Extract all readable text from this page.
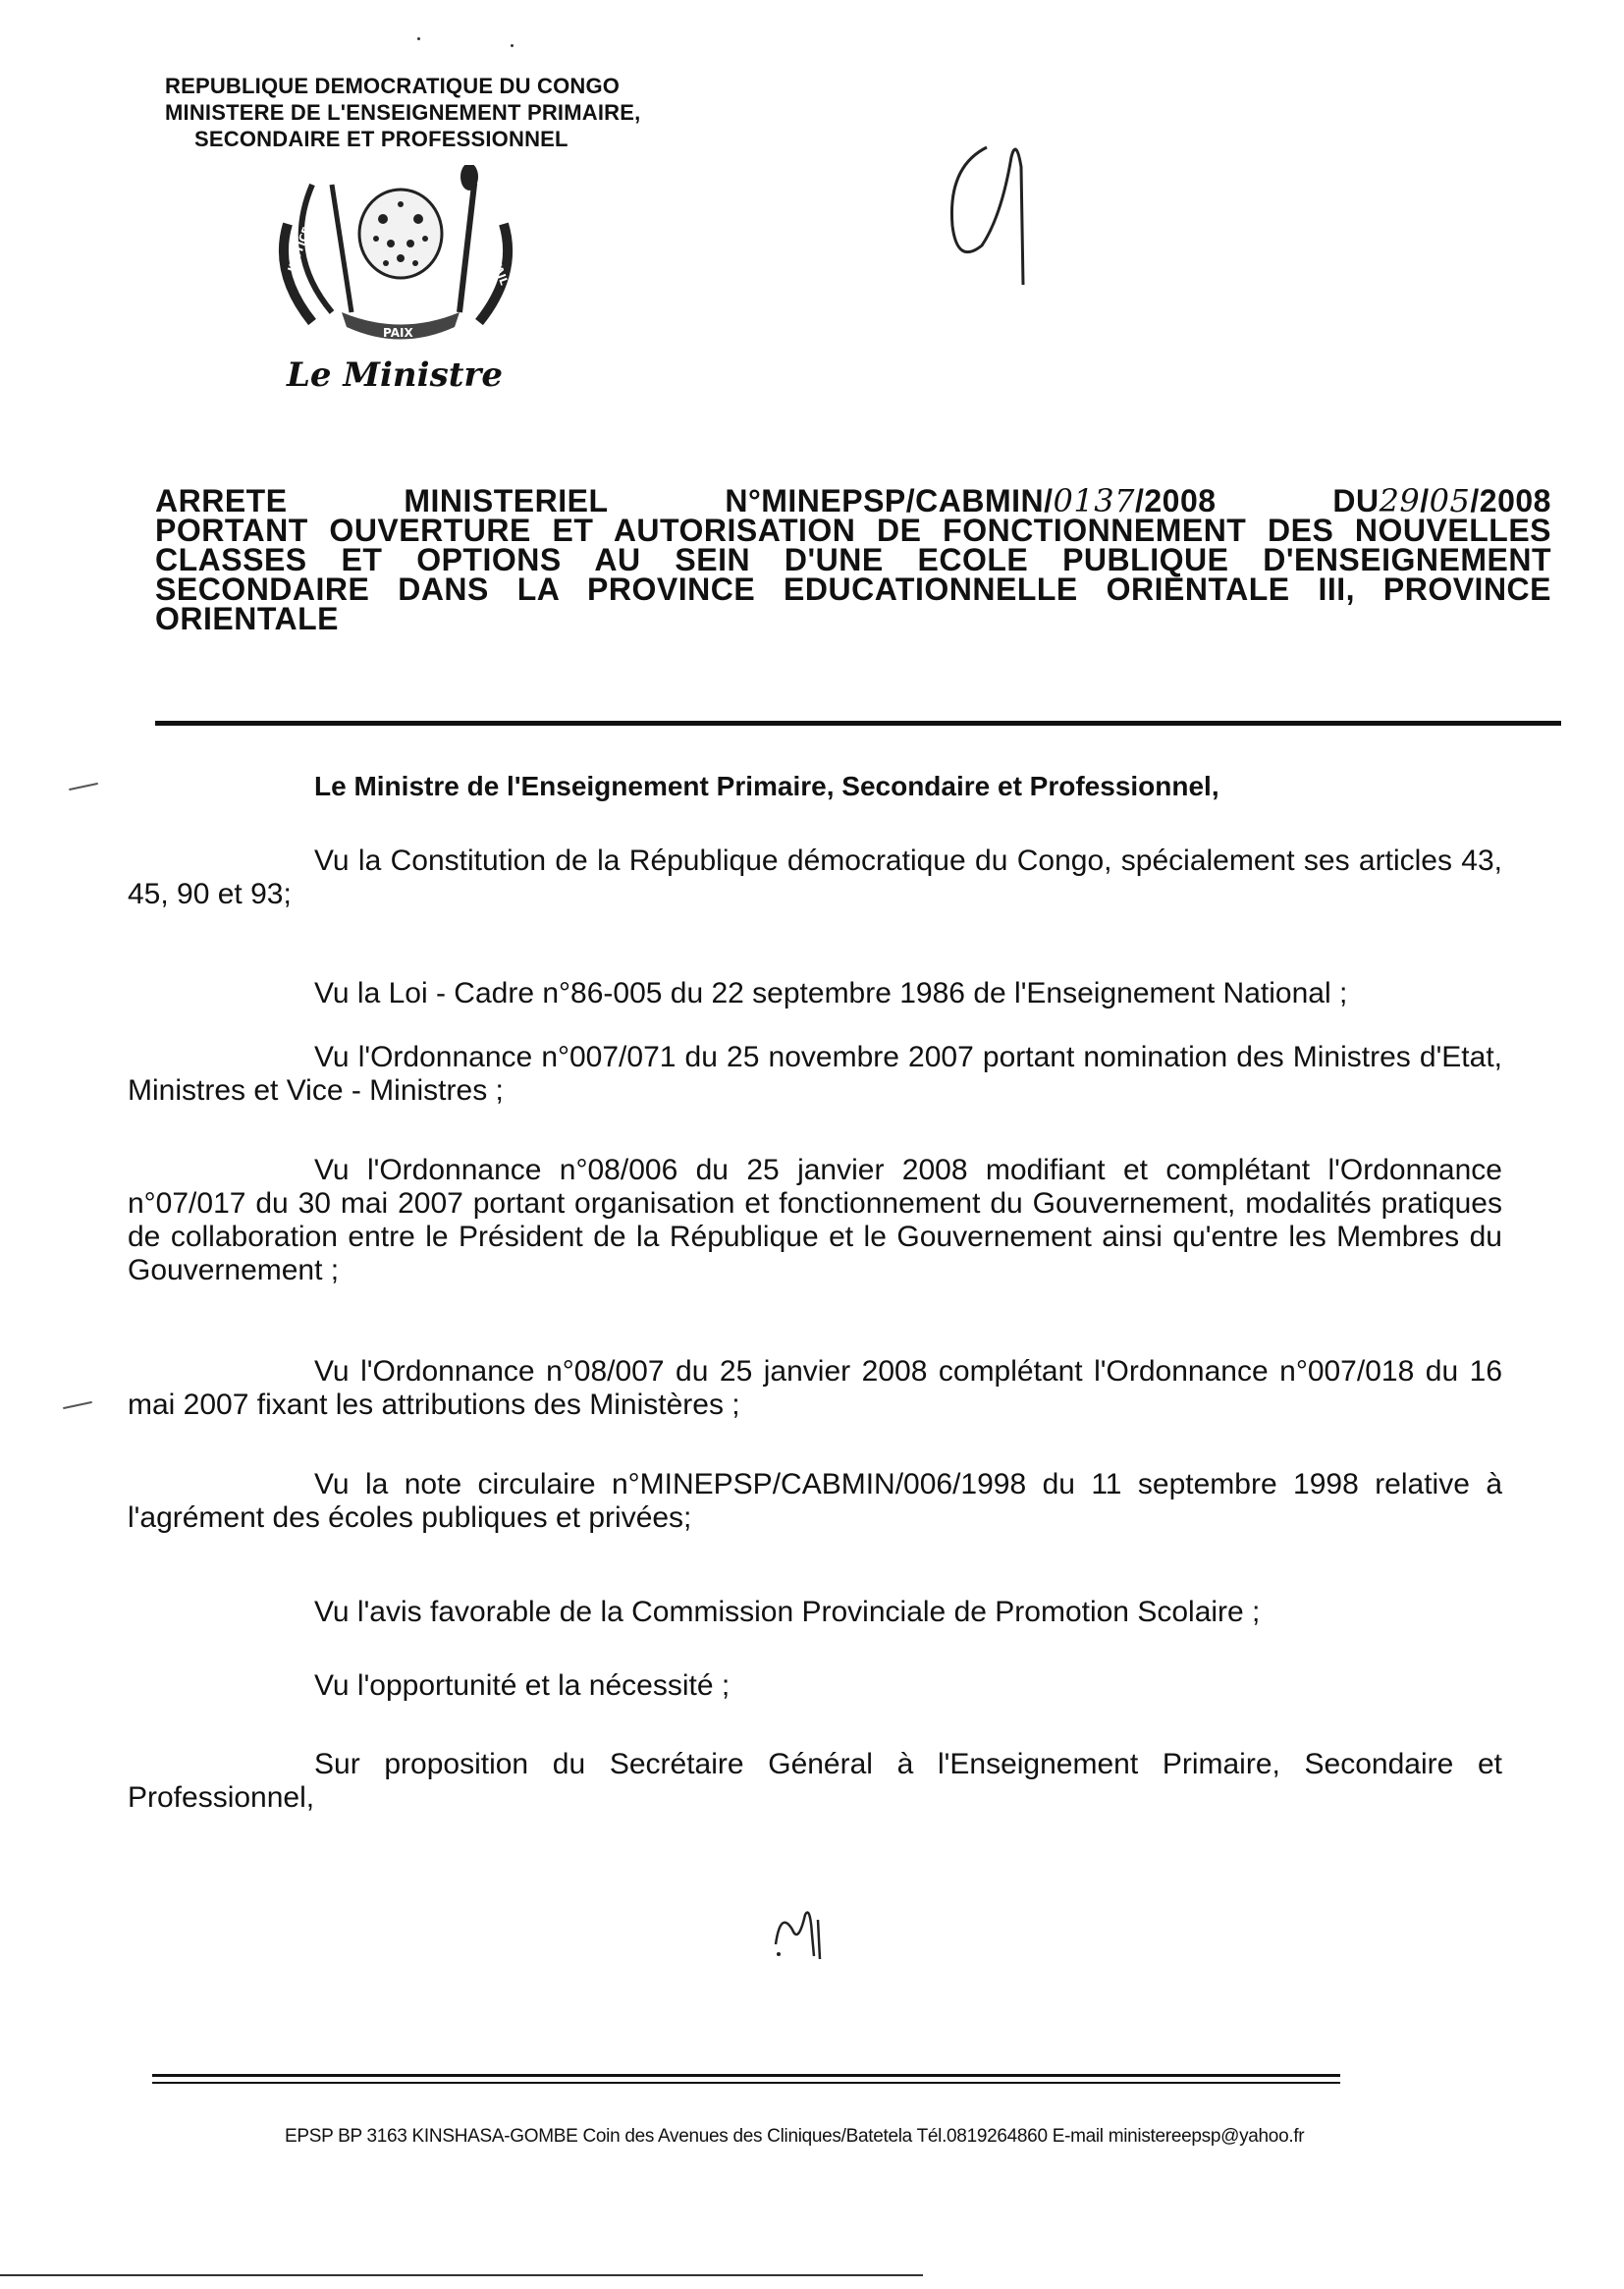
REPUBLIQUE DEMOCRATIQUE DU CONGO
MINISTERE DE L'ENSEIGNEMENT PRIMAIRE,
SECONDAIRE ET PROFESSIONNEL
JUSTICE
PAIX
TRAVAIL
Le Ministre
ARRETE	MINISTERIEL	N°MINEPSP/CABMIN/0137/2008	DU29/05/2008
PORTANT OUVERTURE ET AUTORISATION DE FONCTIONNEMENT DES NOUVELLES
CLASSES ET OPTIONS AU SEIN D'UNE ECOLE PUBLIQUE D'ENSEIGNEMENT
SECONDAIRE DANS LA PROVINCE EDUCATIONNELLE ORIENTALE III, PROVINCE
ORIENTALE
Le Ministre de l'Enseignement Primaire, Secondaire et Professionnel,
Vu la Constitution de la République démocratique du Congo, spécialement ses articles 43, 45, 90 et 93;
Vu la Loi - Cadre n°86-005 du 22 septembre 1986 de l'Enseignement National ;
Vu l'Ordonnance n°007/071 du 25 novembre 2007 portant nomination des Ministres d'Etat, Ministres et Vice - Ministres ;
Vu l'Ordonnance n°08/006 du 25 janvier 2008 modifiant et complétant l'Ordonnance n°07/017 du 30 mai 2007 portant organisation et fonctionnement du Gouvernement, modalités pratiques de collaboration entre le Président de la République et le Gouvernement ainsi qu'entre les Membres du Gouvernement ;
Vu l'Ordonnance n°08/007 du 25 janvier 2008 complétant l'Ordonnance n°007/018 du 16 mai 2007 fixant les attributions des Ministères ;
Vu la note circulaire n°MINEPSP/CABMIN/006/1998 du 11 septembre 1998 relative à l'agrément des écoles publiques et privées;
Vu l'avis favorable de la Commission Provinciale de Promotion Scolaire ;
Vu l'opportunité et la nécessité ;
Sur proposition du Secrétaire Général à l'Enseignement Primaire, Secondaire et Professionnel,
EPSP BP 3163 KINSHASA-GOMBE Coin des Avenues des Cliniques/Batetela Tél.0819264860 E-mail ministereepsp@yahoo.fr
